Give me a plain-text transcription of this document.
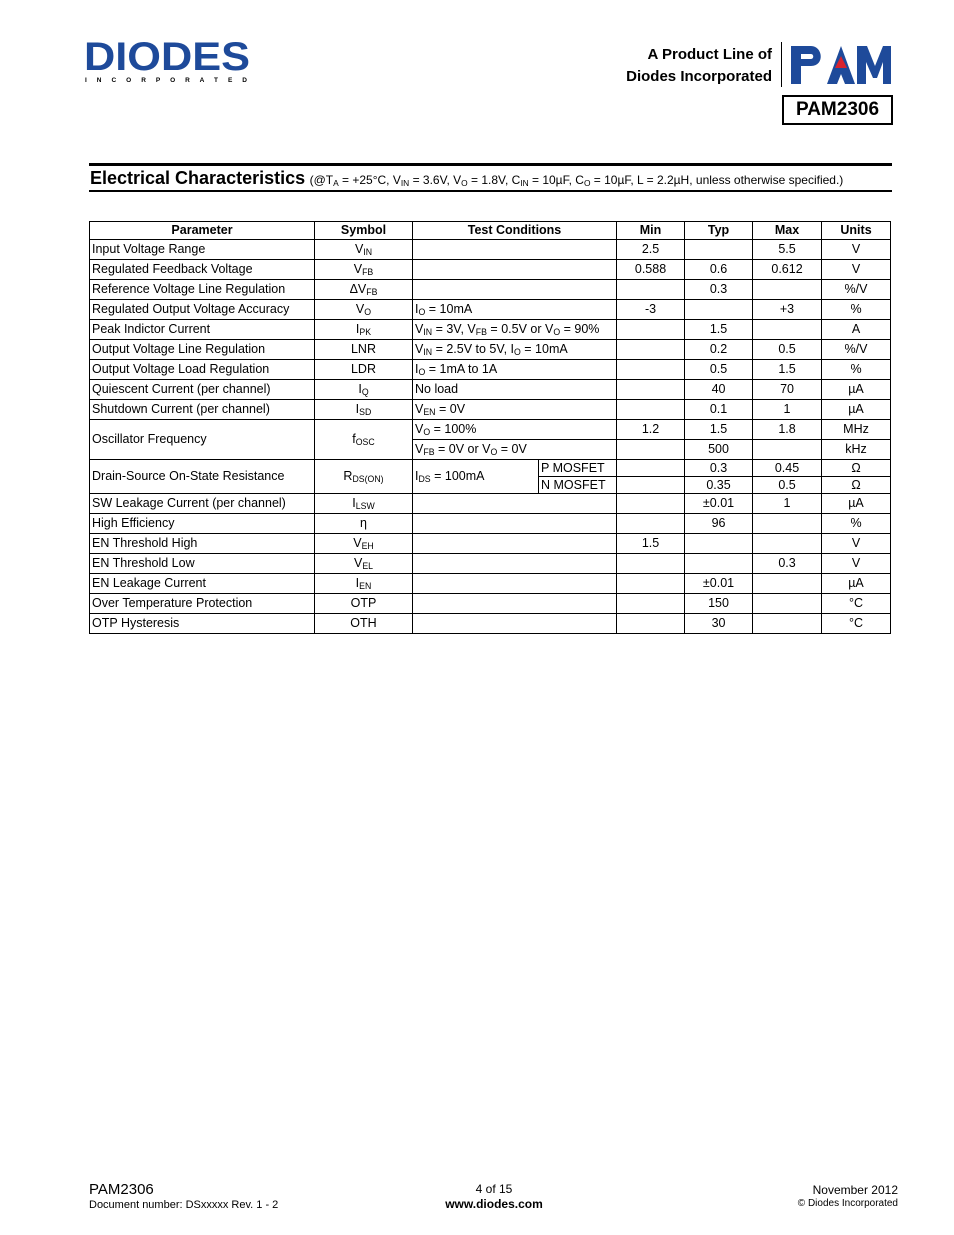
DIODES
I N C O R P O R A T E D
A Product Line of
Diodes Incorporated
PAM2306
Electrical Characteristics ($@T_A = +25^\circ C$, $V_{IN} = 3.6V$, $V_O = 1.8V$, $C_{IN} = 10\mu F$, $C_O = 10\mu F$, L = 2.2µH, unless otherwise specified.)
Parameter	Symbol	Test Conditions		Min	Typ	Max	Units
Input Voltage Range	$V_{IN}$			2.5		5.5	V
Regulated Feedback Voltage	$V_{FB}$			0.588	0.6	0.612	V
Reference Voltage Line Regulation	$\Delta V_{FB}$				0.3		%/V
Regulated Output Voltage Accuracy	$V_O$	$I_O = 10mA$		-3		+3	%
Peak Indictor Current	$I_{PK}$	$V_{IN} = 3V$, $V_{FB} = 0.5V$ or $V_O = 90\%$			1.5		A
Output Voltage Line Regulation	LNR	$V_{IN} = 2.5V$ to 5V, $I_O = 10mA$			0.2	0.5	%/V
Output Voltage Load Regulation	LDR	$I_O = 1mA$ to 1A			0.5	1.5	%
Quiescent Current (per channel)	$I_Q$	No load			40	70	µA
Shutdown Current (per channel)	$I_{SD}$	$V_{EN} = 0V$			0.1	1	µA
Oscillator Frequency	$f_{OSC}$	$V_O = 100\%$		1.2	1.5	1.8	MHz
		$V_{FB} = 0V$ or $V_O = 0V$			500		kHz
Drain-Source On-State Resistance	$R_{DS(ON)}$	$I_{DS} = 100mA$	P MOSFET		0.3	0.45	Ω
			N MOSFET		0.35	0.5	Ω
SW Leakage Current (per channel)	$I_{LSW}$				±0.01	1	µA
High Efficiency	η				96		%
EN Threshold High	$V_{EH}$			1.5			V
EN Threshold Low	$V_{EL}$					0.3	V
EN Leakage Current	$I_{EN}$				±0.01		µA
Over Temperature Protection	OTP				150		°C
OTP Hysteresis	OTH				30		°C
PAM2306
Document number: DSxxxxx Rev. 1 - 2
4 of 15
www.diodes.com
November 2012
© Diodes Incorporated
